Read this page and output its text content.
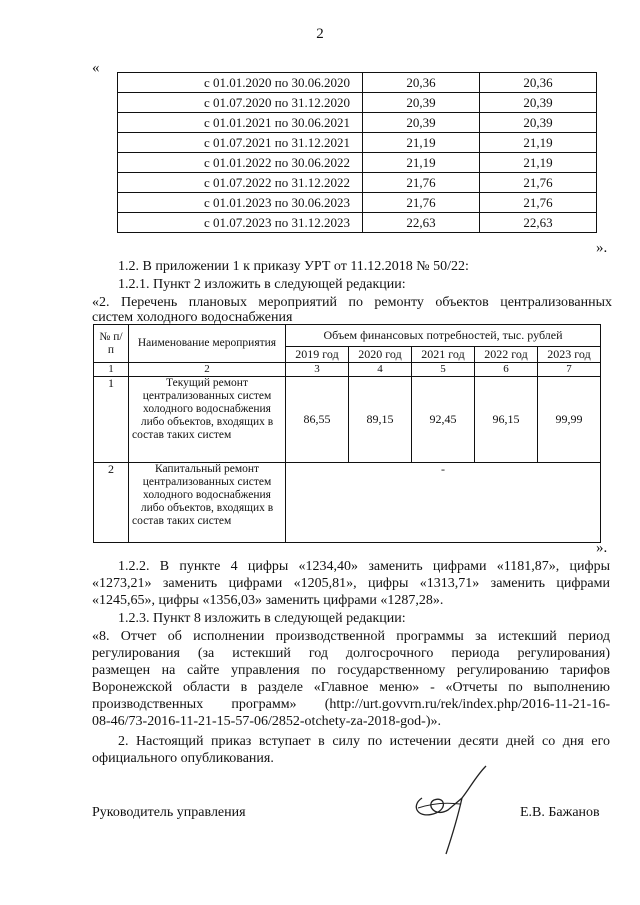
2
«
с 01.01.2020 по 30.06.2020	20,36	20,36
с 01.07.2020 по 31.12.2020	20,39	20,39
с 01.01.2021 по 30.06.2021	20,39	20,39
с 01.07.2021 по 31.12.2021	21,19	21,19
с 01.01.2022 по 30.06.2022	21,19	21,19
с 01.07.2022 по 31.12.2022	21,76	21,76
с 01.01.2023 по 30.06.2023	21,76	21,76
с 01.07.2023 по 31.12.2023	22,63	22,63
».
1.2. В приложении 1 к приказу УРТ от 11.12.2018 № 50/22:
1.2.1. Пункт 2 изложить в следующей редакции:
«2. Перечень плановых мероприятий по ремонту объектов централизованных
систем холодного водоснабжения
№ п/п	Наименование мероприятия	Объем финансовых потребностей, тыс. рублей				
		2019 год	2020 год	2021 год	2022 год	2023 год
1	2	3	4	5	6	7
1	Текущий ремонт централизованных систем холодного водоснабжения либо объектов, входящих в состав таких систем	86,55	89,15	92,45	96,15	99,99
2	Капитальный ремонт централизованных систем холодного водоснабжения либо объектов, входящих в состав таких систем	-				
».
1.2.2. В пункте 4 цифры «1234,40» заменить цифрами «1181,87», цифры
«1273,21» заменить цифрами «1205,81», цифры «1313,71» заменить цифрами
«1245,65», цифры «1356,03» заменить цифрами «1287,28».
1.2.3. Пункт 8 изложить в следующей редакции:
«8. Отчет об исполнении производственной программы за истекший период
регулирования (за истекший год долгосрочного периода регулирования)
размещен на сайте управления по государственному регулированию тарифов
Воронежской области в разделе «Главное меню» - «Отчеты по выполнению
производственных программ» (http://urt.govvrn.ru/rek/index.php/2016-11-21-16-
08-46/73-2016-11-21-15-57-06/2852-otchety-za-2018-god-)».
2. Настоящий приказ вступает в силу по истечении десяти дней со дня его
официального опубликования.
Руководитель управления	Е.В. Бажанов
